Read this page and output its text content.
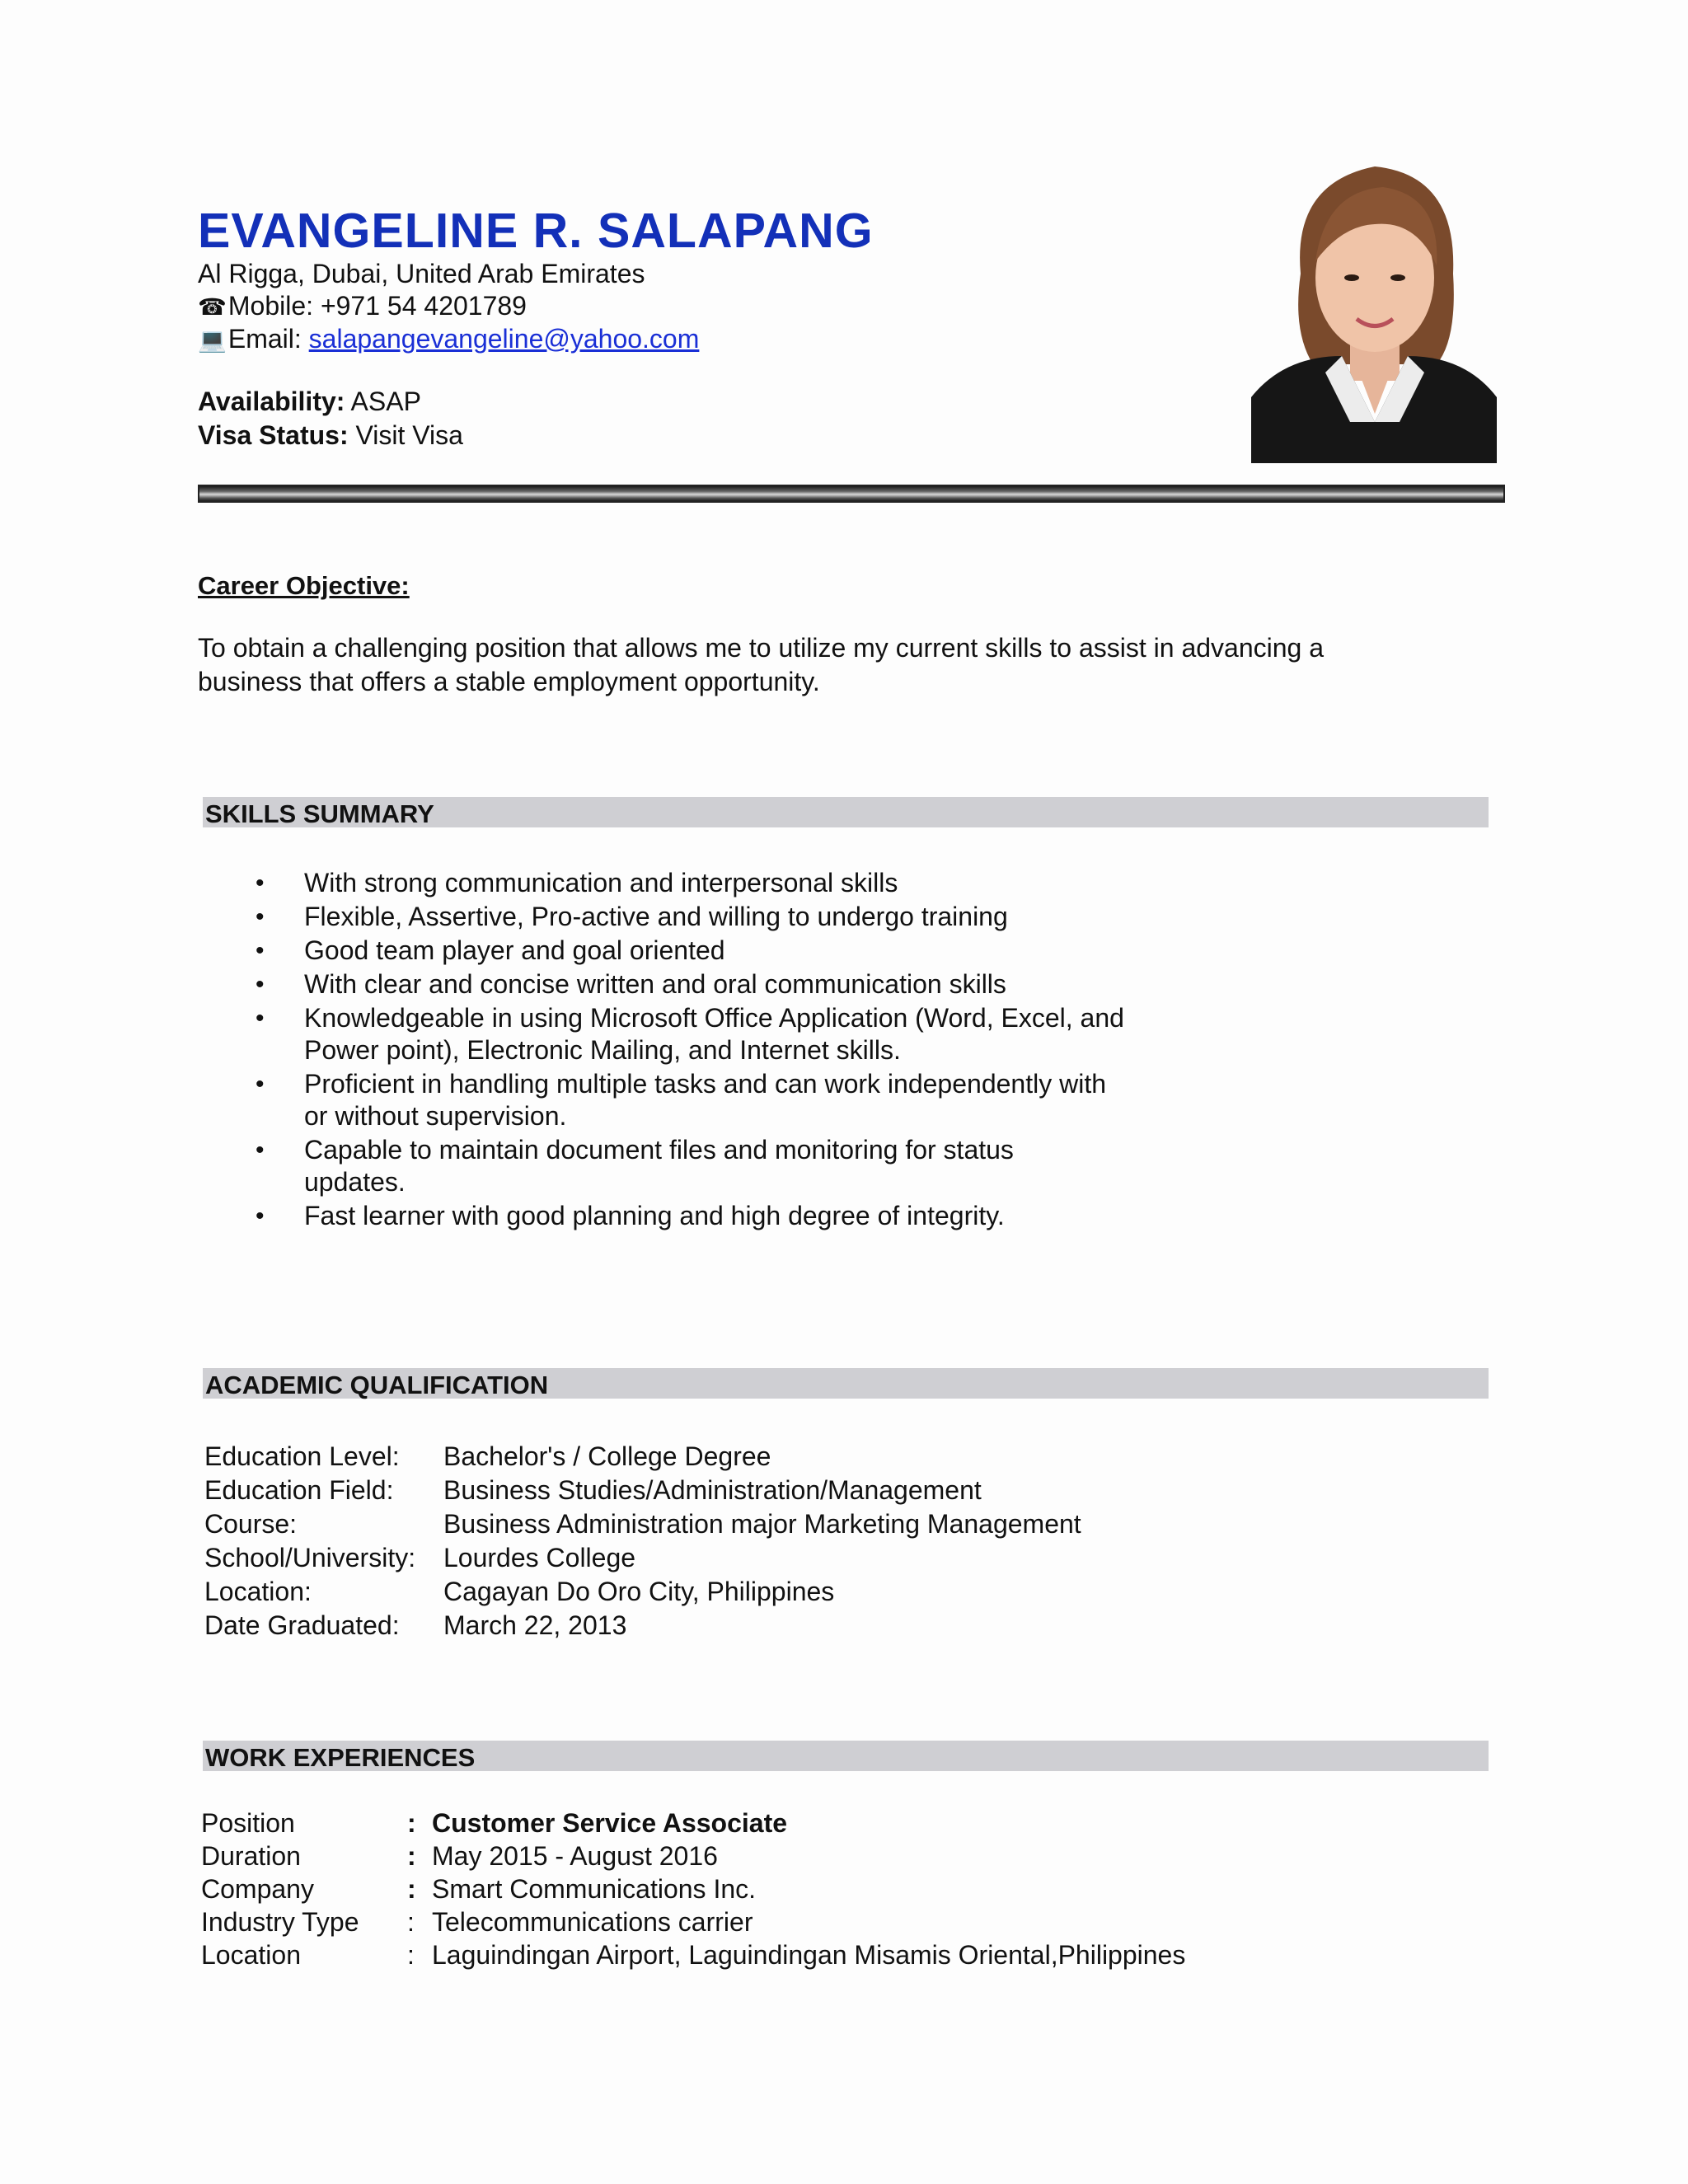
EVANGELINE R. SALAPANG
Al Rigga, Dubai, United Arab Emirates
☎Mobile: +971 54 4201789
💻Email: salapangevangeline@yahoo.com
Availability: ASAP
Visa Status: Visit Visa
Career Objective:
To obtain a challenging position that allows me to utilize my current skills to assist in advancing a business that offers a stable employment opportunity.
SKILLS SUMMARY
• With strong communication and interpersonal skills
• Flexible, Assertive, Pro-active and willing to undergo training
• Good team player and goal oriented
• With clear and concise written and oral communication skills
• Knowledgeable in using Microsoft Office Application (Word, Excel, and Power point), Electronic Mailing, and Internet skills.
• Proficient in handling multiple tasks and can work independently with or without supervision.
• Capable to maintain document files and monitoring for status updates.
• Fast learner with good planning and high degree of integrity.
ACADEMIC QUALIFICATION
Education Level:	Bachelor's / College Degree
Education Field:	Business Studies/Administration/Management
Course:	Business Administration major Marketing Management
School/University:	Lourdes College
Location:	Cagayan Do Oro City, Philippines
Date Graduated:	March 22, 2013
WORK EXPERIENCES
Position	: Customer Service Associate
Duration	: May 2015 - August 2016
Company	: Smart Communications Inc.
Industry Type	: Telecommunications carrier
Location	: Laguindingan Airport, Laguindingan Misamis Oriental,Philippines
